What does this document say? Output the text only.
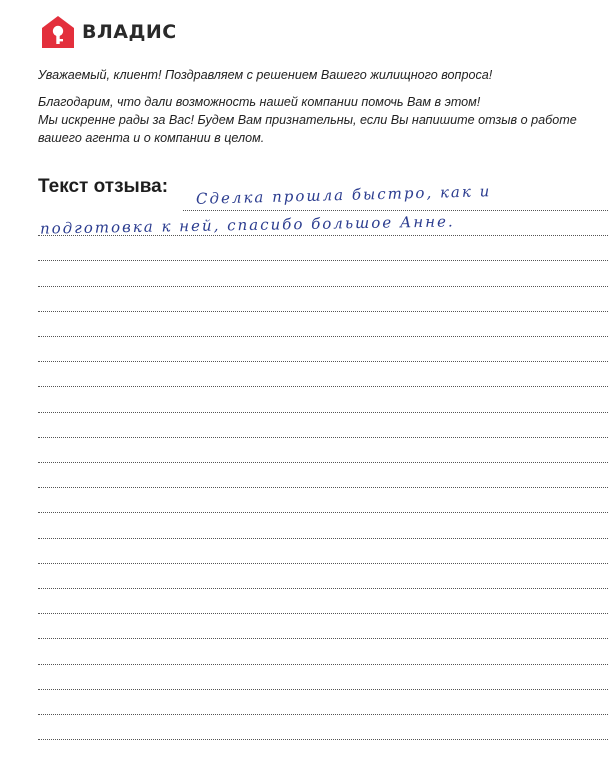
ВЛАДИС

Уважаемый, клиент! Поздравляем с решением Вашего жилищного вопроса!

Благодарим, что дали возможность нашей компании помочь Вам в этом!

Мы искренне рады за Вас! Будем Вам признательны, если Вы напишите отзыв о работе

вашего агента и о компании в целом.

Текст отзыва: Сделка прошла быстро, как и
подготовка к ней, спасибо большое Анне.
